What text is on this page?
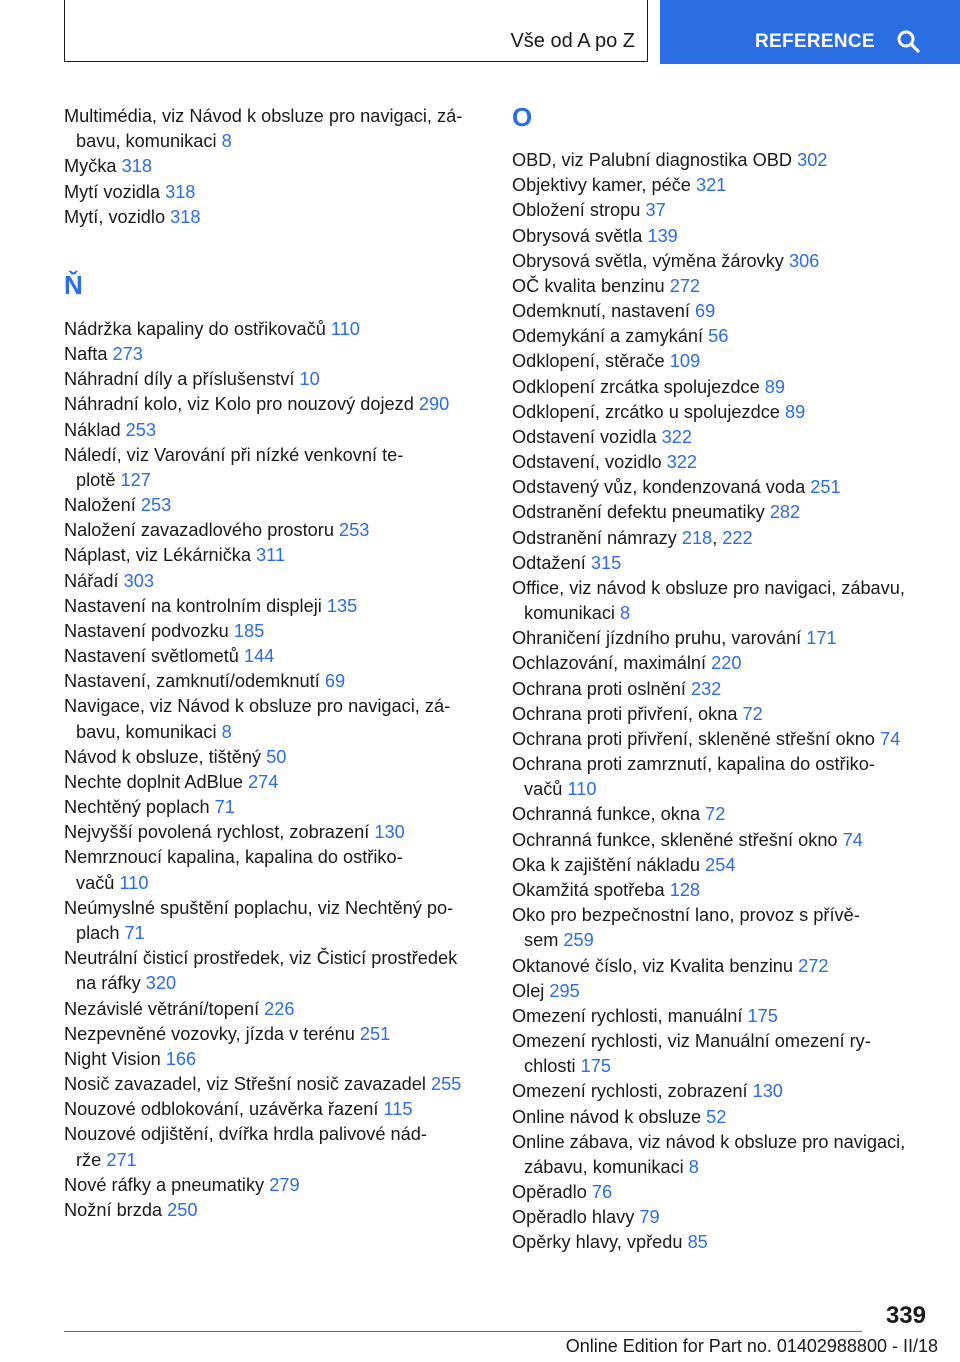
Vše od A po Z	REFERENCE

Multimédia, viz Návod k obsluze pro navigaci, zá-
bavu, komunikaci 8

Myčka 318

Mytí vozidla 318

Mytí, vozidlo 318

Ň

Nádržka kapaliny do ostřikovačů 110

Nafta 273

Náhradní díly a příslušenství 10

Náhradní kolo, viz Kolo pro nouzový dojezd 290

Náklad 253

Náledí, viz Varování při nízké venkovní te-
plotě 127

Naložení 253

Naložení zavazadlového prostoru 253

Náplast, viz Lékárnička 311

Nářadí 303

Nastavení na kontrolním displeji 135

Nastavení podvozku 185

Nastavení světlometů 144

Nastavení, zamknutí/odemknutí 69

Navigace, viz Návod k obsluze pro navigaci, zá-
bavu, komunikaci 8

Návod k obsluze, tištěný 50

Nechte doplnit AdBlue 274

Nechtěný poplach 71

Nejvyšší povolená rychlost, zobrazení 130

Nemrznoucí kapalina, kapalina do ostřiko-
vačů 110

Neúmyslné spuštění poplachu, viz Nechtěný po-
plach 71

Neutrální čisticí prostředek, viz Čisticí prostředek
na ráfky 320

Nezávislé větrání/topení 226

Nezpevněné vozovky, jízda v terénu 251

Night Vision 166

Nosič zavazadel, viz Střešní nosič zavazadel 255

Nouzové odblokování, uzávěrka řazení 115

Nouzové odjištění, dvířka hrdla palivové nád-
rže 271

Nové ráfky a pneumatiky 279

Nožní brzda 250

O

OBD, viz Palubní diagnostika OBD 302

Objektivy kamer, péče 321

Obložení stropu 37

Obrysová světla 139

Obrysová světla, výměna žárovky 306

OČ kvalita benzinu 272

Odemknutí, nastavení 69

Odemykání a zamykání 56

Odklopení, stěrače 109

Odklopení zrcátka spolujezdce 89

Odklopení, zrcátko u spolujezdce 89

Odstavení vozidla 322

Odstavení, vozidlo 322

Odstavený vůz, kondenzovaná voda 251

Odstranění defektu pneumatiky 282

Odstranění námrazy 218, 222

Odtažení 315

Office, viz návod k obsluze pro navigaci, zábavu,
komunikaci 8

Ohraničení jízdního pruhu, varování 171

Ochlazování, maximální 220

Ochrana proti oslnění 232

Ochrana proti přivření, okna 72

Ochrana proti přivření, skleněné střešní okno 74

Ochrana proti zamrznutí, kapalina do ostřiko-
vačů 110

Ochranná funkce, okna 72

Ochranná funkce, skleněné střešní okno 74

Oka k zajištění nákladu 254

Okamžitá spotřeba 128

Oko pro bezpečnostní lano, provoz s přívě-
sem 259

Oktanové číslo, viz Kvalita benzinu 272

Olej 295

Omezení rychlosti, manuální 175

Omezení rychlosti, viz Manuální omezení ry-
chlosti 175

Omezení rychlosti, zobrazení 130

Online návod k obsluze 52

Online zábava, viz návod k obsluze pro navigaci,
zábavu, komunikaci 8

Opěradlo 76

Opěradlo hlavy 79

Opěrky hlavy, vpředu 85

339
Online Edition for Part no. 01402988800 - II/18
